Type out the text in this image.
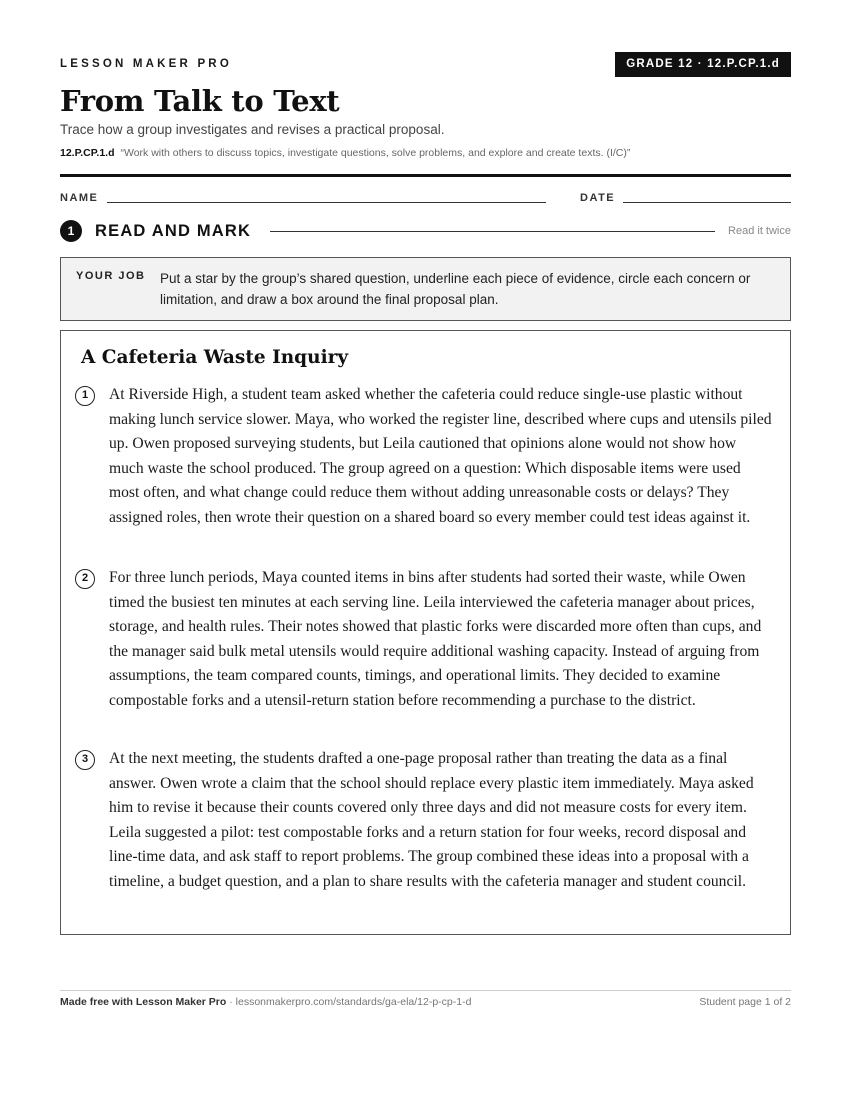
LESSON MAKER PRO	GRADE 12 · 12.P.CP.1.d
From Talk to Text
Trace how a group investigates and revises a practical proposal.
12.P.CP.1.d “Work with others to discuss topics, investigate questions, solve problems, and explore and create texts. (I/C)”
NAME	DATE
1	READ AND MARK	Read it twice
YOUR JOB Put a star by the group’s shared question, underline each piece of evidence, circle each concern or limitation, and draw a box around the final proposal plan.
A Cafeteria Waste Inquiry
1	At Riverside High, a student team asked whether the cafeteria could reduce single-use plastic without making lunch service slower. Maya, who worked the register line, described where cups and utensils piled up. Owen proposed surveying students, but Leila cautioned that opinions alone would not show how much waste the school produced. The group agreed on a question: Which disposable items were used most often, and what change could reduce them without adding unreasonable costs or delays? They assigned roles, then wrote their question on a shared board so every member could test ideas against it.
2	For three lunch periods, Maya counted items in bins after students had sorted their waste, while Owen timed the busiest ten minutes at each serving line. Leila interviewed the cafeteria manager about prices, storage, and health rules. Their notes showed that plastic forks were discarded more often than cups, and the manager said bulk metal utensils would require additional washing capacity. Instead of arguing from assumptions, the team compared counts, timings, and operational limits. They decided to examine compostable forks and a utensil-return station before recommending a purchase to the district.
3	At the next meeting, the students drafted a one-page proposal rather than treating the data as a final answer. Owen wrote a claim that the school should replace every plastic item immediately. Maya asked him to revise it because their counts covered only three days and did not measure costs for every item. Leila suggested a pilot: test compostable forks and a return station for four weeks, record disposal and line-time data, and ask staff to report problems. The group combined these ideas into a proposal with a timeline, a budget question, and a plan to share results with the cafeteria manager and student council.
Made free with Lesson Maker Pro · lessonmakerpro.com/standards/ga-ela/12-p-cp-1-d	Student page 1 of 2
